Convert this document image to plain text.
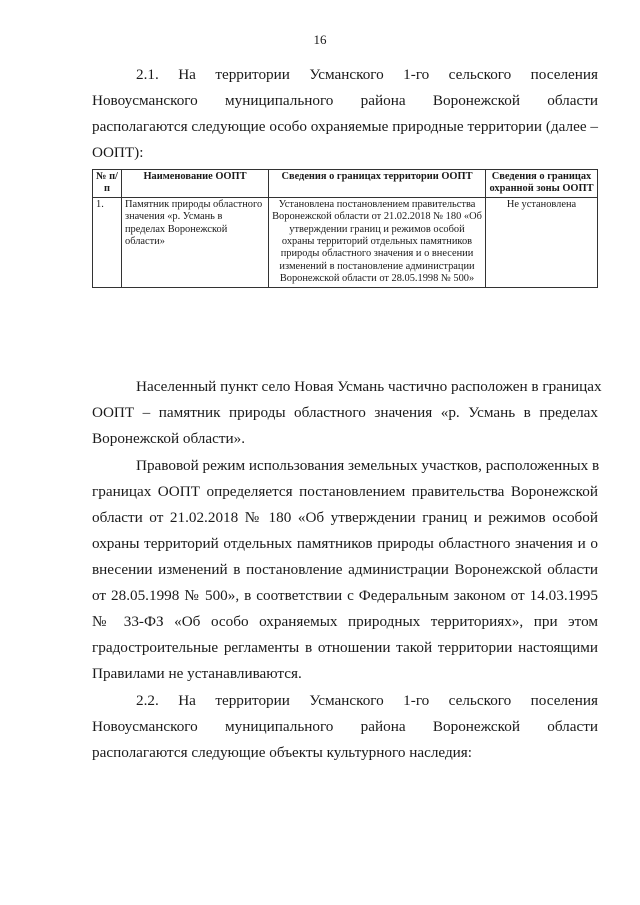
16
2.1. На территории Усманского 1-го сельского поселения
Новоусманского муниципального района Воронежской области
располагаются следующие особо охраняемые природные территории (далее –
ООПТ):
№ п/п	Наименование ООПТ	Сведения о границах территории ООПТ	Сведения о границах охранной зоны ООПТ
1.	Памятник природы областного значения «р. Усмань в пределах Воронежской области»	Установлена постановлением правительства Воронежской области от 21.02.2018 № 180 «Об утверждении границ и режимов особой охраны территорий отдельных памятников природы областного значения и о внесении изменений в постановление администрации Воронежской области от 28.05.1998 № 500»	Не установлена
Населенный пункт село Новая Усмань частично расположен в границах
ООПТ – памятник природы областного значения «р. Усмань в пределах
Воронежской области».
Правовой режим использования земельных участков, расположенных в
границах ООПТ определяется постановлением правительства Воронежской
области от 21.02.2018 № 180 «Об утверждении границ и режимов особой
охраны территорий отдельных памятников природы областного значения и о
внесении изменений в постановление администрации Воронежской области
от 28.05.1998 № 500», в соответствии с Федеральным законом от 14.03.1995
№ 33-ФЗ «Об особо охраняемых природных территориях», при этом
градостроительные регламенты в отношении такой территории настоящими
Правилами не устанавливаются.
2.2. На территории Усманского 1-го сельского поселения
Новоусманского муниципального района Воронежской области
располагаются следующие объекты культурного наследия:
